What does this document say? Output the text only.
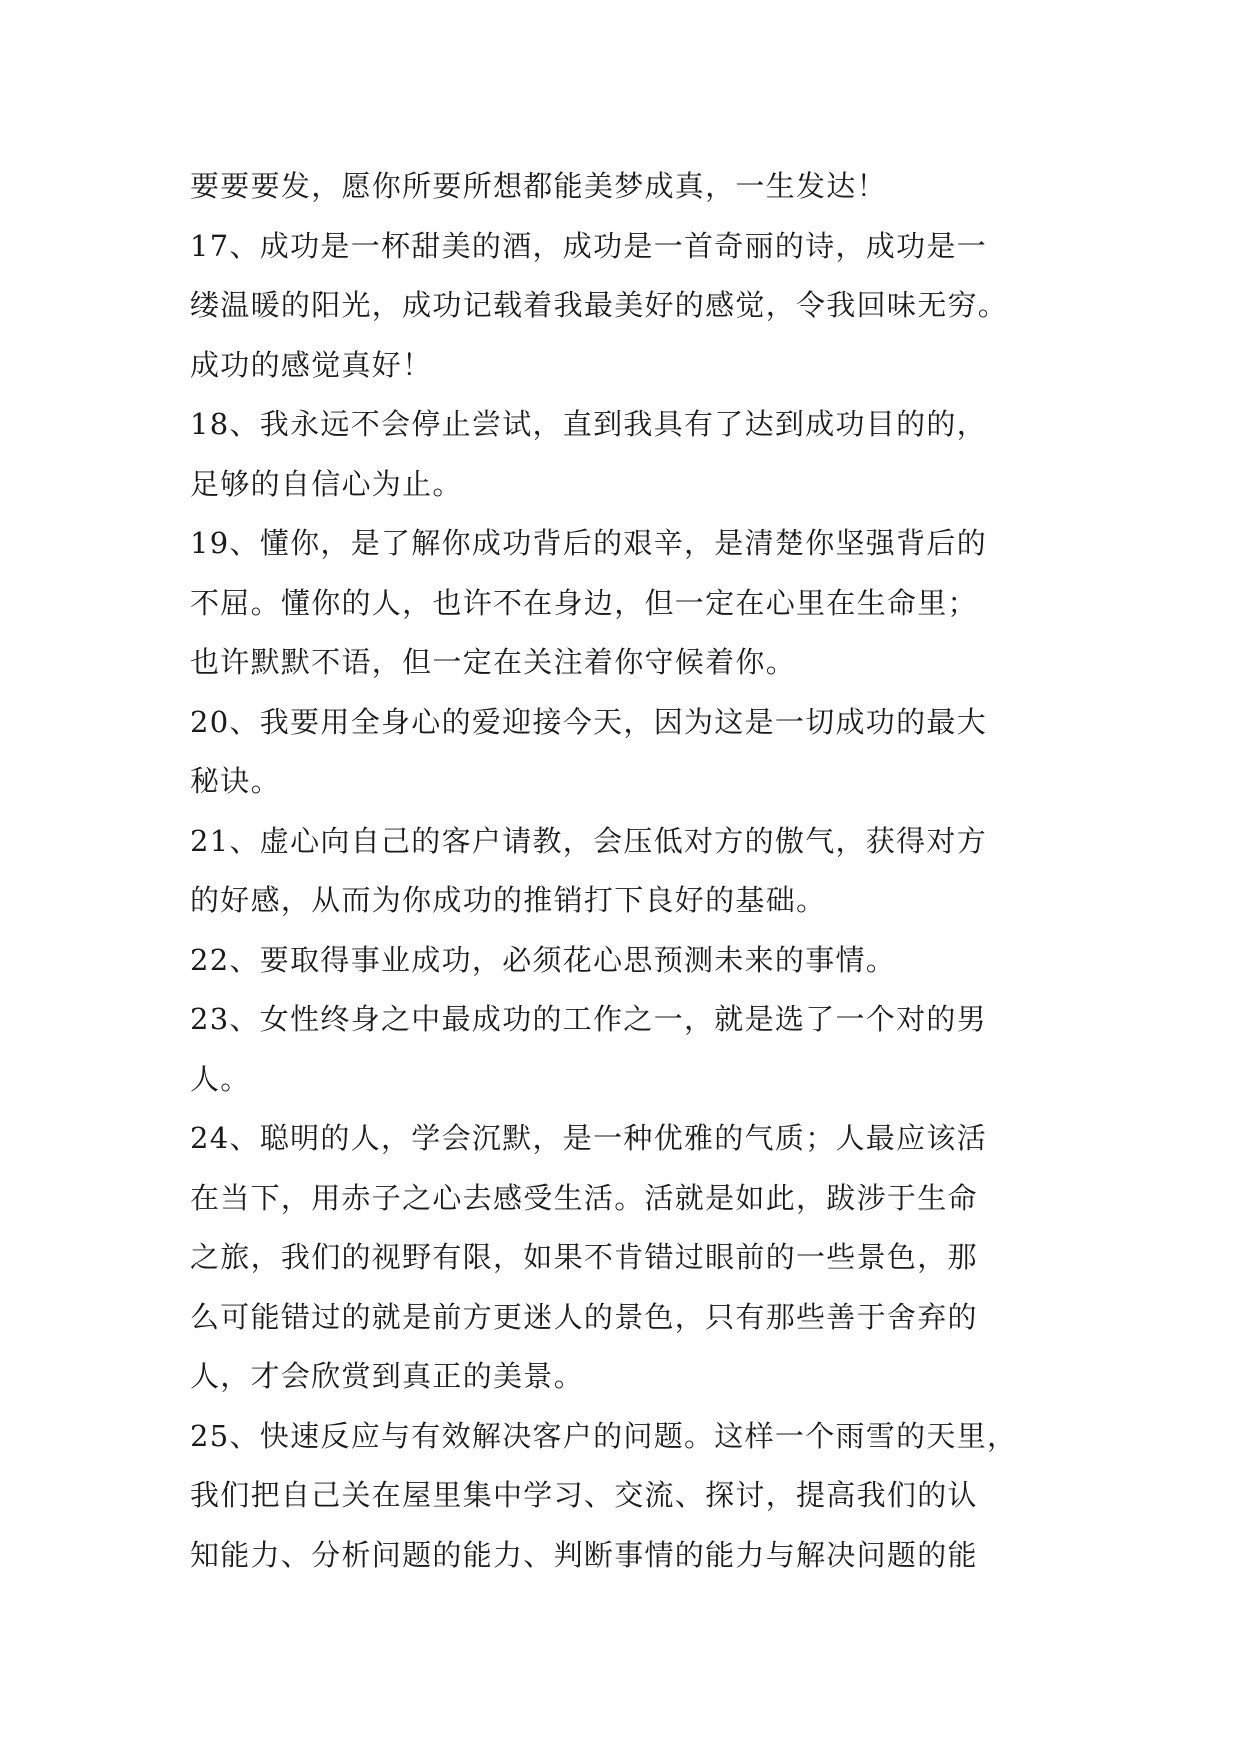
要要要发，愿你所要所想都能美梦成真，一生发达！
17、成功是一杯甜美的酒，成功是一首奇丽的诗，成功是一
缕温暖的阳光，成功记载着我最美好的感觉，令我回味无穷。
成功的感觉真好！
18、我永远不会停止尝试，直到我具有了达到成功目的的，
足够的自信心为止。
19、懂你，是了解你成功背后的艰辛，是清楚你坚强背后的
不屈。懂你的人，也许不在身边，但一定在心里在生命里；
也许默默不语，但一定在关注着你守候着你。
20、我要用全身心的爱迎接今天，因为这是一切成功的最大
秘诀。
21、虚心向自己的客户请教，会压低对方的傲气，获得对方
的好感，从而为你成功的推销打下良好的基础。
22、要取得事业成功，必须花心思预测未来的事情。
23、女性终身之中最成功的工作之一，就是选了一个对的男
人。
24、聪明的人，学会沉默，是一种优雅的气质；人最应该活
在当下，用赤子之心去感受生活。活就是如此，跋涉于生命
之旅，我们的视野有限，如果不肯错过眼前的一些景色，那
么可能错过的就是前方更迷人的景色，只有那些善于舍弃的
人，才会欣赏到真正的美景。
25、快速反应与有效解决客户的问题。这样一个雨雪的天里，
我们把自己关在屋里集中学习、交流、探讨，提高我们的认
知能力、分析问题的能力、判断事情的能力与解决问题的能
